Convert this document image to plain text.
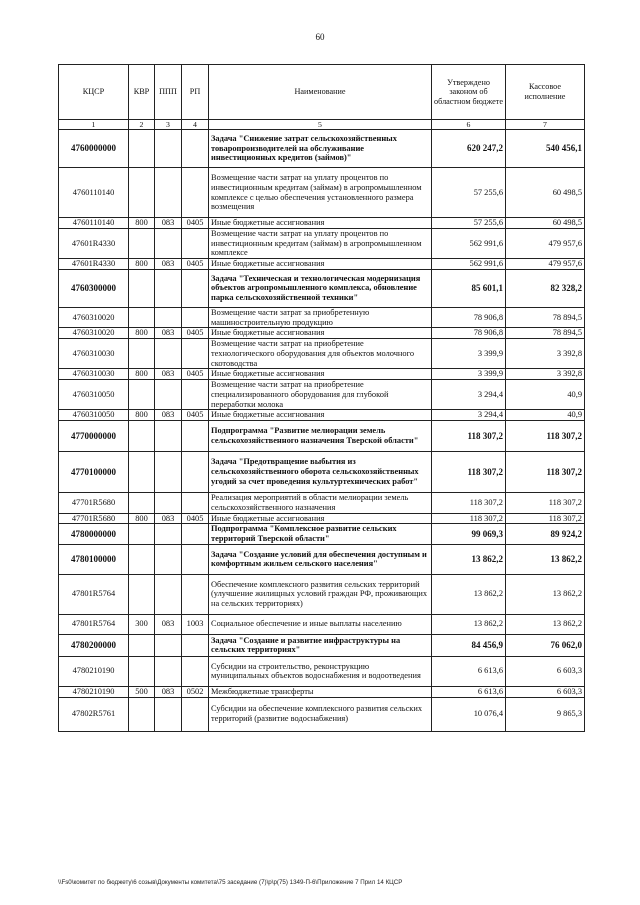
60
КЦСР	КВР	ППП	РП	Наименование	Утверждено законом об областном бюджете	Кассовое исполнение
1	2	3	4	5	6	7
4760000000				Задача "Снижение затрат сельскохозяйственных товаропроизводителей на обслуживание инвестиционных кредитов (займов)"	620 247,2	540 456,1
4760110140				Возмещение части затрат на уплату процентов по инвестиционным кредитам (займам) в агропромышленном комплексе с целью обеспечения установленного размера возмещения	57 255,6	60 498,5
4760110140	800	083	0405	Иные бюджетные ассигнования	57 255,6	60 498,5
47601R4330				Возмещение части затрат на уплату процентов по инвестиционным кредитам (займам) в агропромышленном комплексе	562 991,6	479 957,6
47601R4330	800	083	0405	Иные бюджетные ассигнования	562 991,6	479 957,6
4760300000				Задача "Техническая и технологическая модернизация объектов агропромышленного комплекса, обновление парка сельскохозяйственной техники"	85 601,1	82 328,2
4760310020				Возмещение части затрат за приобретенную машиностроительную продукцию	78 906,8	78 894,5
4760310020	800	083	0405	Иные бюджетные ассигнования	78 906,8	78 894,5
4760310030				Возмещение части затрат на приобретение технологического оборудования для объектов молочного скотоводства	3 399,9	3 392,8
4760310030	800	083	0405	Иные бюджетные ассигнования	3 399,9	3 392,8
4760310050				Возмещение части затрат на приобретение специализированного оборудования для глубокой переработки молока	3 294,4	40,9
4760310050	800	083	0405	Иные бюджетные ассигнования	3 294,4	40,9
4770000000				Подпрограмма "Развитие мелиорации земель сельскохозяйственного назначения Тверской области"	118 307,2	118 307,2
4770100000				Задача "Предотвращение выбытия из сельскохозяйственного оборота сельскохозяйственных угодий за счет проведения культуртехнических работ"	118 307,2	118 307,2
47701R5680				Реализация мероприятий в области мелиорации земель сельскохозяйственного назначения	118 307,2	118 307,2
47701R5680	800	083	0405	Иные бюджетные ассигнования	118 307,2	118 307,2
4780000000				Подпрограмма "Комплексное развитие сельских территорий Тверской области"	99 069,3	89 924,2
4780100000				Задача "Создание условий для обеспечения доступным и комфортным жильем сельского населения"	13 862,2	13 862,2
47801R5764				Обеспечение комплексного развития сельских территорий (улучшение жилищных условий граждан РФ, проживающих на сельских территориях)	13 862,2	13 862,2
47801R5764	300	083	1003	Социальное обеспечение и иные выплаты населению	13 862,2	13 862,2
4780200000				Задача "Создание и развитие инфраструктуры на сельских территориях"	84 456,9	76 062,0
4780210190				Субсидии на строительство, реконструкцию муниципальных объектов водоснабжения и водоотведения	6 613,6	6 603,3
4780210190	500	083	0502	Межбюджетные трансферты	6 613,6	6 603,3
47802R5761				Субсидии на обеспечение комплексного развития сельских территорий (развитие водоснабжения)	10 076,4	9 865,3
\\Fs0\комитет по бюджету\6 созыв\Документы комитета\75 заседание (7)\р\р(75) 1349-П-6\Приложение 7 Прил 14 КЦСР
